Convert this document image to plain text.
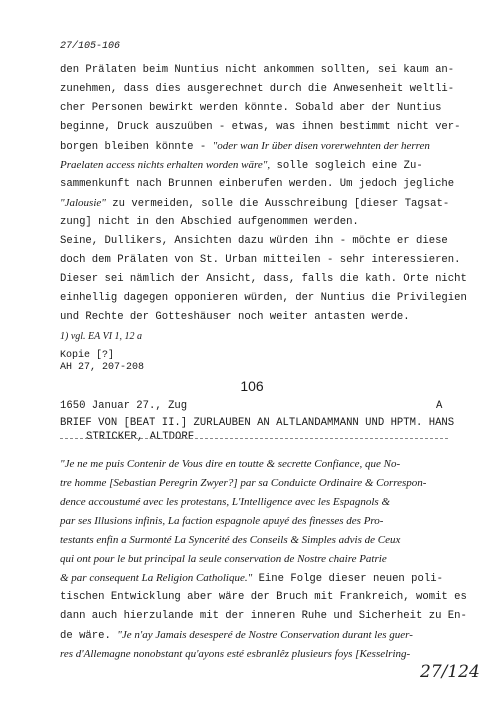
27/105-106
den Prälaten beim Nuntius nicht ankommen sollten, sei kaum an-
zunehmen, dass dies ausgerechnet durch die Anwesenheit weltli-
cher Personen bewirkt werden könnte. Sobald aber der Nuntius
beginne, Druck auszuüben - etwas, was ihnen bestimmt nicht ver-
borgen bleiben könnte - "oder wan Ir über disen vorerwehnten der herren
Praelaten access nichts erhalten worden wäre", solle sogleich eine Zu-
sammenkunft nach Brunnen einberufen werden. Um jedoch jegliche
"Jalousie" zu vermeiden, solle die Ausschreibung [dieser Tagsat-
zung] nicht in den Abschied aufgenommen werden.
Seine, Dullikers, Ansichten dazu würden ihn - möchte er diese
doch dem Prälaten von St. Urban mitteilen - sehr interessieren.
Dieser sei nämlich der Ansicht, dass, falls die kath. Orte nicht
einhellig dagegen opponieren würden, der Nuntius die Privilegien
und Rechte der Gotteshäuser noch weiter antasten werde.
1) vgl. EA VI 1, 12 a
Kopie [?]
AH 27, 207-208
106
1650 Januar 27., Zug	A
BRIEF VON [BEAT II.] ZURLAUBEN AN ALTLANDAMMANN UND HPTM. HANS
STRICKER, ALTDORF
"Je ne me puis Contenir de Vous dire en toutte & secrette Confiance, que No-
tre homme [Sebastian Peregrin Zwyer?] par sa Conduicte Ordinaire & Correspon-
dence accoustumé avec les protestans, L'Intelligence avec les Espagnols &
par ses Illusions infinis, La faction espagnole apuyé des finesses des Pro-
testants enfin a Surmonté La Syncerité des Conseils & Simples advis de Ceux
qui ont pour le but principal la seule conservation de Nostre chaire Patrie
& par consequent La Religion Catholique." Eine Folge dieser neuen poli-
tischen Entwicklung aber wäre der Bruch mit Frankreich, womit es
dann auch hierzulande mit der inneren Ruhe und Sicherheit zu En-
de wäre. "Je n'ay Jamais desesperé de Nostre Conservation durant les guer-
res d'Allemagne nonobstant qu'ayons esté esbranlêz plusieurs foys [Kesselring-
27/124
